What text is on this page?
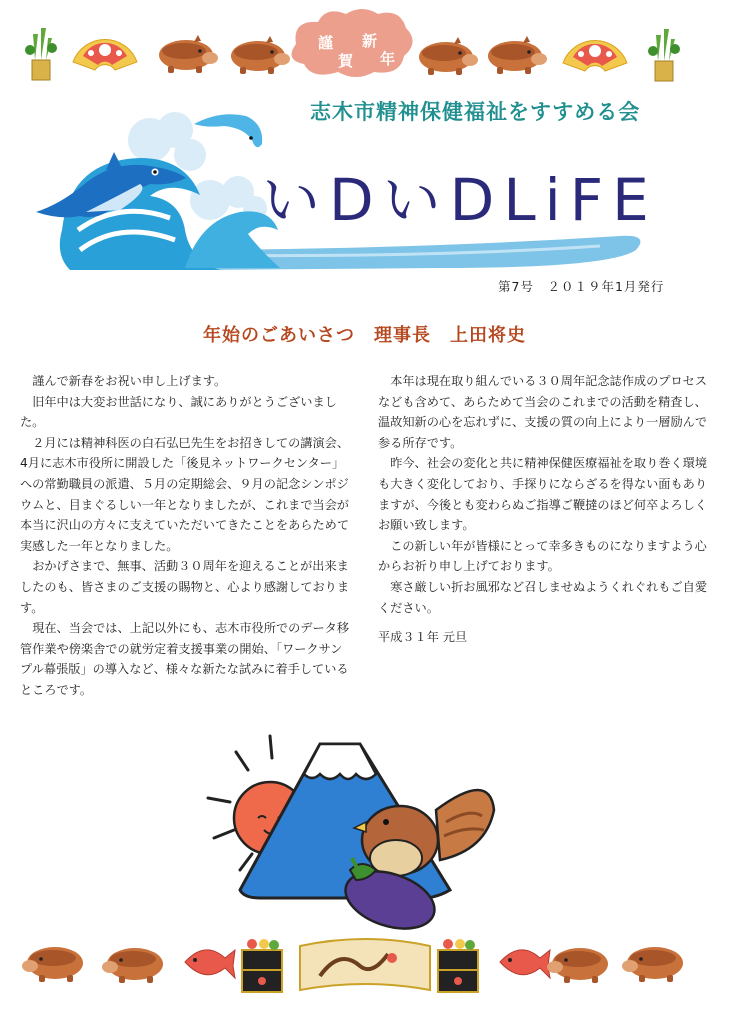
謹
賀
新
年
志木市精神保健福祉をすすめる会
いDいDLiFE
第7号　２０１９年1月発行
年始のごあいさつ　理事長　上田将史

謹んで新春をお祝い申し上げます。

旧年中は大変お世話になり、誠にありがとうございました。

２月には精神科医の白石弘巳先生をお招きしての講演会、4月に志木市役所に開設した「後見ネットワークセンター」への常勤職員の派遣、５月の定期総会、９月の記念シンポジウムと、目まぐるしい一年となりましたが、これまで当会が本当に沢山の方々に支えていただいてきたことをあらためて実感した一年となりました。

おかげさまで、無事、活動３０周年を迎えることが出来ましたのも、皆さまのご支援の賜物と、心より感謝しております。

現在、当会では、上記以外にも、志木市役所でのデータ移管作業や傍楽舎での就労定着支援事業の開始、「ワークサンプル幕張版」の導入など、様々な新たな試みに着手しているところです。

本年は現在取り組んでいる３０周年記念誌作成のプロセスなども含めて、あらためて当会のこれまでの活動を精査し、温故知新の心を忘れずに、支援の質の向上により一層励んで参る所存です。

昨今、社会の変化と共に精神保健医療福祉を取り巻く環境も大きく変化しており、手探りにならざるを得ない面もありますが、今後とも変わらぬご指導ご鞭撻のほど何卒よろしくお願い致します。

この新しい年が皆様にとって幸多きものになりますよう心からお祈り申し上げております。

寒さ厳しい折お風邪など召しませぬようくれぐれもご自愛ください。

平成３１年 元旦
